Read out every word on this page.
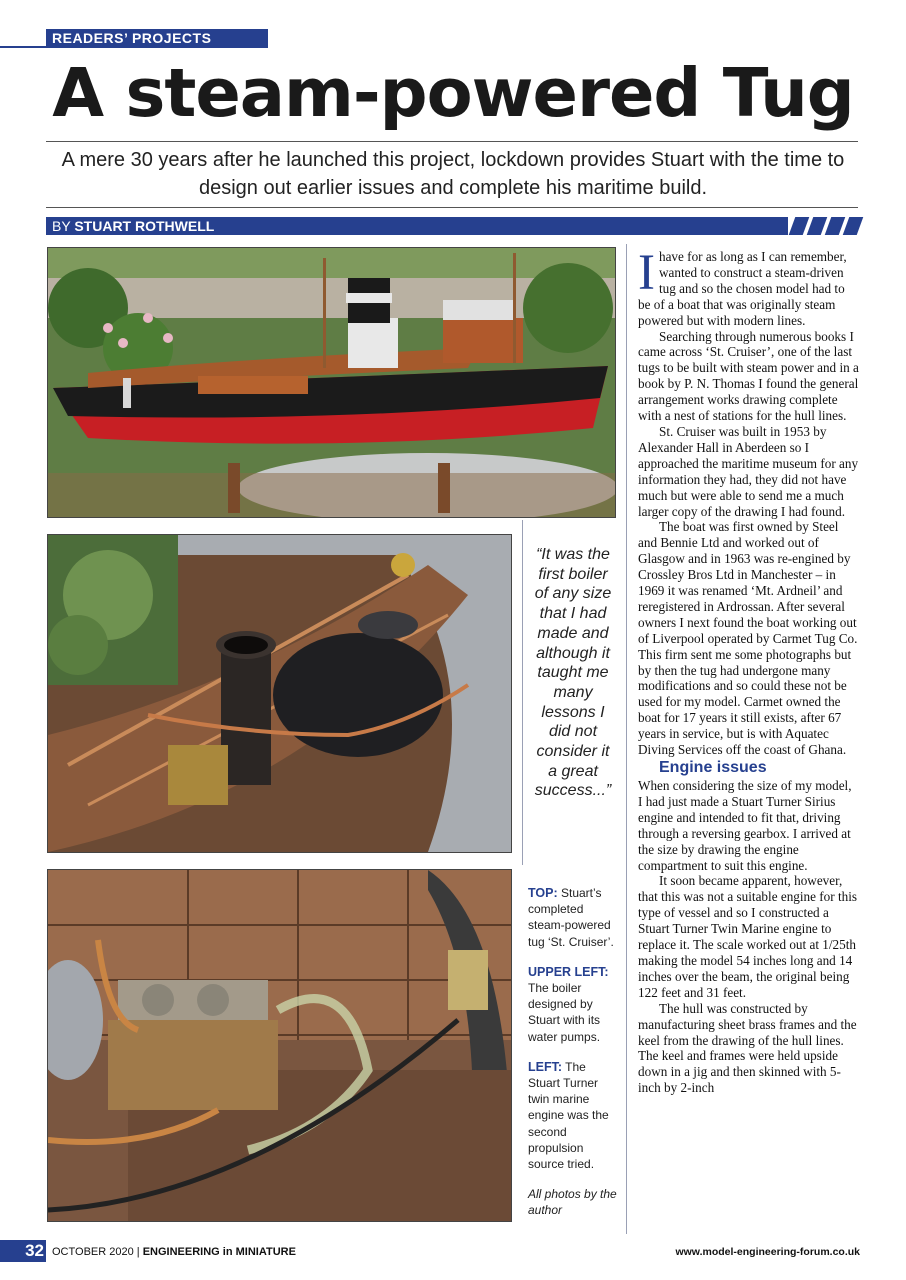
READERS’ PROJECTS
A steam-powered Tug
A mere 30 years after he launched this project, lockdown provides Stuart with the time to design out earlier issues and complete his maritime build.
BY STUART ROTHWELL
“It was the first boiler of any size that I had made and although it taught me many lessons I did not consider it a great success...”

TOP: Stuart’s completed steam-powered tug ‘St. Cruiser’.

UPPER LEFT: The boiler designed by Stuart with its water pumps.

LEFT: The Stuart Turner twin marine engine was the second propulsion source tried.

All photos by the author

Ihave for as long as I can remember, wanted to construct a steam-driven tug and so the chosen model had to be of a boat that was originally steam powered but with modern lines.

Searching through numerous books I came across ‘St. Cruiser’, one of the last tugs to be built with steam power and in a book by P. N. Thomas I found the general arrangement works drawing complete with a nest of stations for the hull lines.

St. Cruiser was built in 1953 by Alexander Hall in Aberdeen so I approached the maritime museum for any information they had, they did not have much but were able to send me a much larger copy of the drawing I had found.

The boat was first owned by Steel and Bennie Ltd and worked out of Glasgow and in 1963 was re-engined by Crossley Bros Ltd in Manchester – in 1969 it was renamed ‘Mt. Ardneil’ and reregistered in Ardrossan. After several owners I next found the boat working out of Liverpool operated by Carmet Tug Co. This firm sent me some photographs but by then the tug had undergone many modifications and so could these not be used for my model. Carmet owned the boat for 17 years it still exists, after 67 years in service, but is with Aquatec Diving Services off the coast of Ghana.

Engine issues

When considering the size of my model, I had just made a Stuart Turner Sirius engine and intended to fit that, driving through a reversing gearbox. I arrived at the size by drawing the engine compartment to suit this engine.

It soon became apparent, however, that this was not a suitable engine for this type of vessel and so I constructed a Stuart Turner Twin Marine engine to replace it. The scale worked out at 1/25th making the model 54 inches long and 14 inches over the beam, the original being 122 feet and 31 feet.

The hull was constructed by manufacturing sheet brass frames and the keel from the drawing of the hull lines. The keel and frames were held upside down in a jig and then skinned with 5-inch by 2-inch

32 OCTOBER 2020 | ENGINEERING in MINIATURE	www.model-engineering-forum.co.uk
